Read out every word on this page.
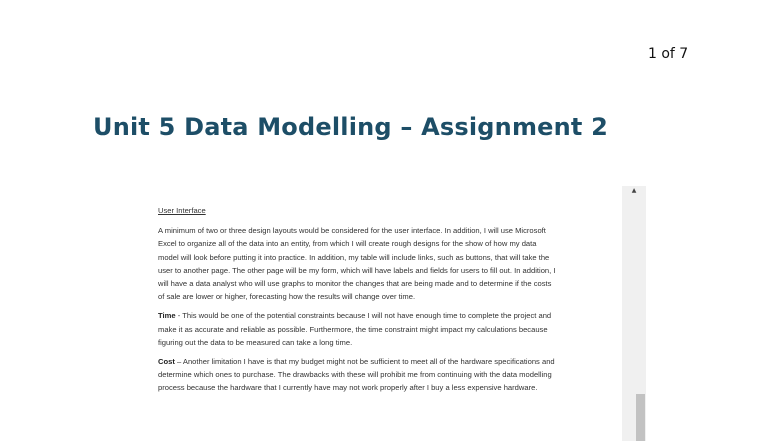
1 of 7
Unit 5 Data Modelling – Assignment 2

User Interface

A minimum of two or three design layouts would be considered for the user interface. In addition, I will use Microsoft Excel to organize all of the data into an entity, from which I will create rough designs for the show of how my data model will look before putting it into practice. In addition, my table will include links, such as buttons, that will take the user to another page. The other page will be my form, which will have labels and fields for users to fill out. In addition, I will have a data analyst who will use graphs to monitor the changes that are being made and to determine if the costs of sale are lower or higher, forecasting how the results will change over time.

Time - This would be one of the potential constraints because I will not have enough time to complete the project and make it as accurate and reliable as possible. Furthermore, the time constraint might impact my calculations because figuring out the data to be measured can take a long time.

Cost – Another limitation I have is that my budget might not be sufficient to meet all of the hardware specifications and determine which ones to purchase. The drawbacks with these will prohibit me from continuing with the data modelling process because the hardware that I currently have may not work properly after I buy a less expensive hardware.

▲
